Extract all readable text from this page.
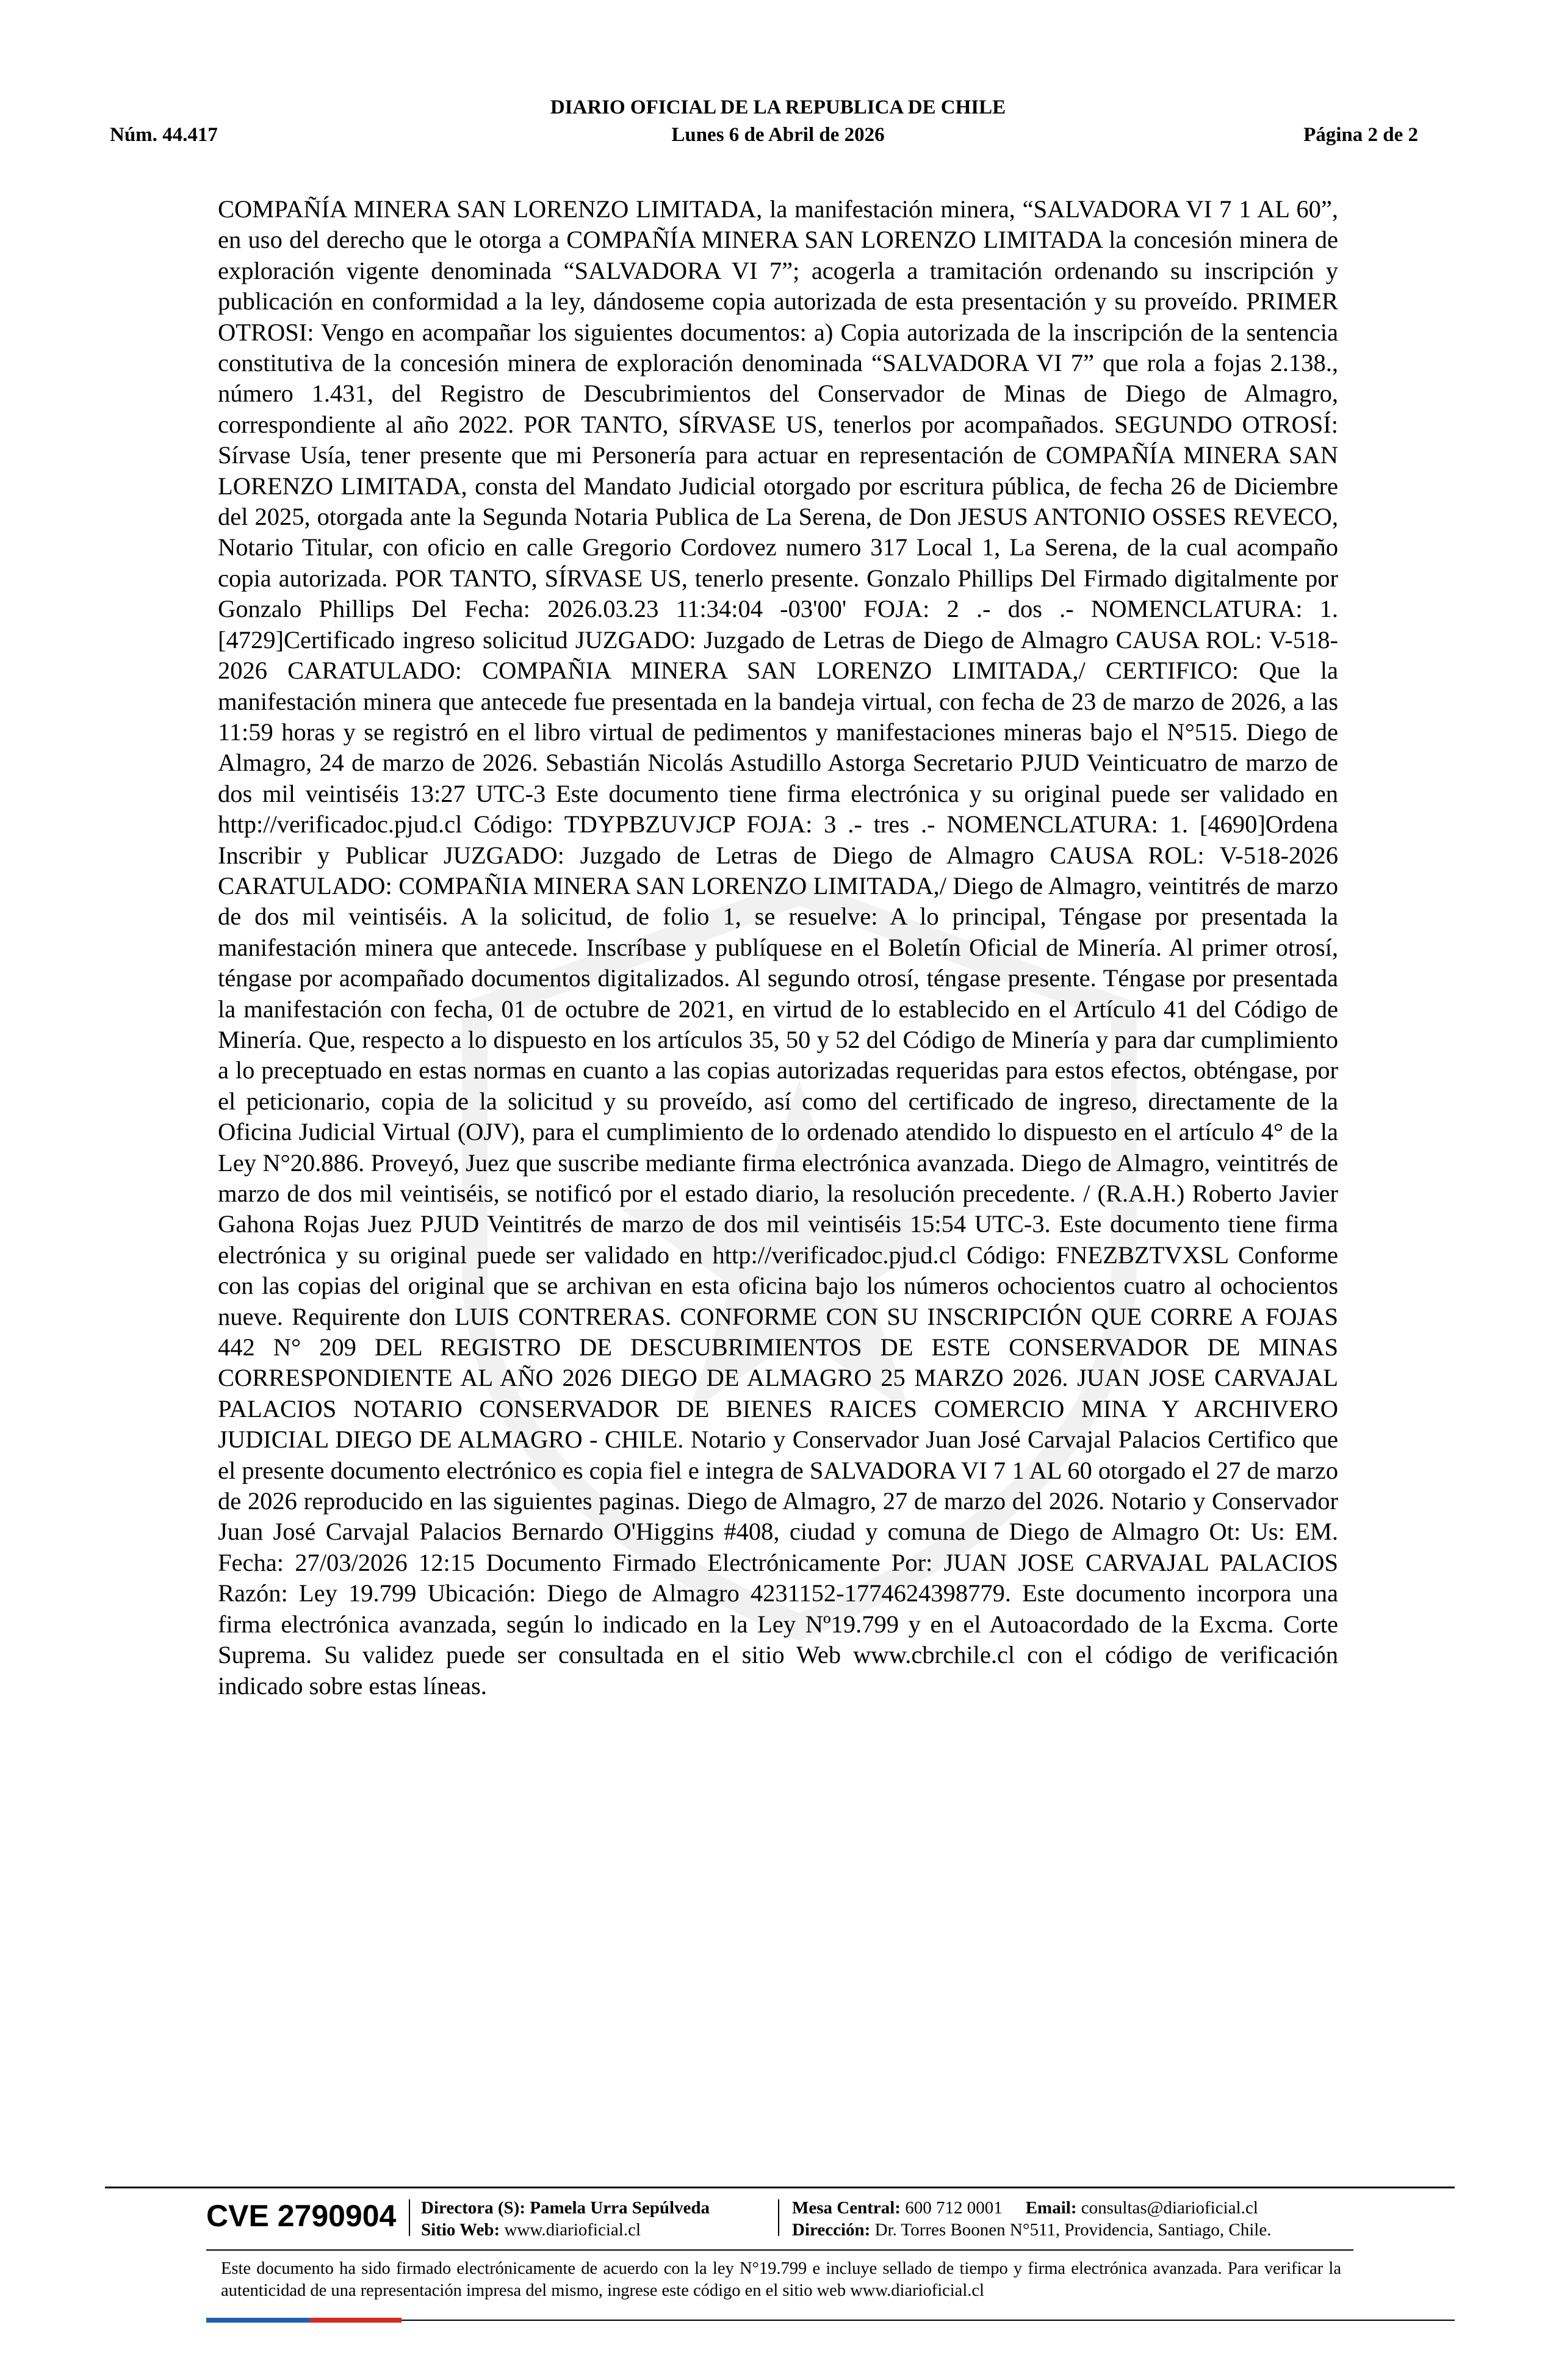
DIARIO OFICIAL DE LA REPUBLICA DE CHILE
Núm. 44.417	Lunes 6 de Abril de 2026	Página 2 de 2

COMPAÑÍA MINERA SAN LORENZO LIMITADA, la manifestación minera, “SALVADORA VI 7 1 AL 60”, en uso del derecho que le otorga a COMPAÑÍA MINERA SAN LORENZO LIMITADA la concesión minera de exploración vigente denominada “SALVADORA VI 7”; acogerla a tramitación ordenando su inscripción y publicación en conformidad a la ley, dándoseme copia autorizada de esta presentación y su proveído. PRIMER OTROSI: Vengo en acompañar los siguientes documentos: a) Copia autorizada de la inscripción de la sentencia constitutiva de la concesión minera de exploración denominada “SALVADORA VI 7” que rola a fojas 2.138., número 1.431, del Registro de Descubrimientos del Conservador de Minas de Diego de Almagro, correspondiente al año 2022. POR TANTO, SÍRVASE US, tenerlos por acompañados. SEGUNDO OTROSÍ: Sírvase Usía, tener presente que mi Personería para actuar en representación de COMPAÑÍA MINERA SAN LORENZO LIMITADA, consta del Mandato Judicial otorgado por escritura pública, de fecha 26 de Diciembre del 2025, otorgada ante la Segunda Notaria Publica de La Serena, de Don JESUS ANTONIO OSSES REVECO, Notario Titular, con oficio en calle Gregorio Cordovez numero 317 Local 1, La Serena, de la cual acompaño copia autorizada. POR TANTO, SÍRVASE US, tenerlo presente. Gonzalo Phillips Del Firmado digitalmente por Gonzalo Phillips Del Fecha: 2026.03.23 11:34:04 -03'00' FOJA: 2 .- dos .- NOMENCLATURA: 1. [4729]Certificado ingreso solicitud JUZGADO: Juzgado de Letras de Diego de Almagro CAUSA ROL: V-518-2026 CARATULADO: COMPAÑIA MINERA SAN LORENZO LIMITADA,/ CERTIFICO: Que la manifestación minera que antecede fue presentada en la bandeja virtual, con fecha de 23 de marzo de 2026, a las 11:59 horas y se registró en el libro virtual de pedimentos y manifestaciones mineras bajo el N°515. Diego de Almagro, 24 de marzo de 2026. Sebastián Nicolás Astudillo Astorga Secretario PJUD Veinticuatro de marzo de dos mil veintiséis 13:27 UTC-3 Este documento tiene firma electrónica y su original puede ser validado en http://verificadoc.pjud.cl Código: TDYPBZUVJCP FOJA: 3 .- tres .- NOMENCLATURA: 1. [4690]Ordena Inscribir y Publicar JUZGADO: Juzgado de Letras de Diego de Almagro CAUSA ROL: V-518-2026 CARATULADO: COMPAÑIA MINERA SAN LORENZO LIMITADA,/ Diego de Almagro, veintitrés de marzo de dos mil veintiséis. A la solicitud, de folio 1, se resuelve: A lo principal, Téngase por presentada la manifestación minera que antecede. Inscríbase y publíquese en el Boletín Oficial de Minería. Al primer otrosí, téngase por acompañado documentos digitalizados. Al segundo otrosí, téngase presente. Téngase por presentada la manifestación con fecha, 01 de octubre de 2021, en virtud de lo establecido en el Artículo 41 del Código de Minería. Que, respecto a lo dispuesto en los artículos 35, 50 y 52 del Código de Minería y para dar cumplimiento a lo preceptuado en estas normas en cuanto a las copias autorizadas requeridas para estos efectos, obténgase, por el peticionario, copia de la solicitud y su proveído, así como del certificado de ingreso, directamente de la Oficina Judicial Virtual (OJV), para el cumplimiento de lo ordenado atendido lo dispuesto en el artículo 4° de la Ley N°20.886. Proveyó, Juez que suscribe mediante firma electrónica avanzada. Diego de Almagro, veintitrés de marzo de dos mil veintiséis, se notificó por el estado diario, la resolución precedente. / (R.A.H.) Roberto Javier Gahona Rojas Juez PJUD Veintitrés de marzo de dos mil veintiséis 15:54 UTC-3. Este documento tiene firma electrónica y su original puede ser validado en http://verificadoc.pjud.cl Código: FNEZBZTVXSL Conforme con las copias del original que se archivan en esta oficina bajo los números ochocientos cuatro al ochocientos nueve. Requirente don LUIS CONTRERAS. CONFORME CON SU INSCRIPCIÓN QUE CORRE A FOJAS 442 N° 209 DEL REGISTRO DE DESCUBRIMIENTOS DE ESTE CONSERVADOR DE MINAS CORRESPONDIENTE AL AÑO 2026 DIEGO DE ALMAGRO 25 MARZO 2026. JUAN JOSE CARVAJAL PALACIOS NOTARIO CONSERVADOR DE BIENES RAICES COMERCIO MINA Y ARCHIVERO JUDICIAL DIEGO DE ALMAGRO - CHILE. Notario y Conservador Juan José Carvajal Palacios Certifico que el presente documento electrónico es copia fiel e integra de SALVADORA VI 7 1 AL 60 otorgado el 27 de marzo de 2026 reproducido en las siguientes paginas. Diego de Almagro, 27 de marzo del 2026. Notario y Conservador Juan José Carvajal Palacios Bernardo O'Higgins #408, ciudad y comuna de Diego de Almagro Ot: Us: EM. Fecha: 27/03/2026 12:15 Documento Firmado Electrónicamente Por: JUAN JOSE CARVAJAL PALACIOS Razón: Ley 19.799 Ubicación: Diego de Almagro 4231152-1774624398779. Este documento incorpora una firma electrónica avanzada, según lo indicado en la Ley Nº19.799 y en el Autoacordado de la Excma. Corte Suprema. Su validez puede ser consultada en el sitio Web www.cbrchile.cl con el código de verificación indicado sobre estas líneas.

CVE 2790904 Directora (S): Pamela Urra Sepúlveda
Sitio Web: www.diarioficial.cl
Mesa Central: 600 712 0001 Email: consultas@diarioficial.cl
Dirección: Dr. Torres Boonen N°511, Providencia, Santiago, Chile.

Este documento ha sido firmado electrónicamente de acuerdo con la ley N°19.799 e incluye sellado de tiempo y firma electrónica avanzada. Para verificar la autenticidad de una representación impresa del mismo, ingrese este código en el sitio web www.diarioficial.cl
